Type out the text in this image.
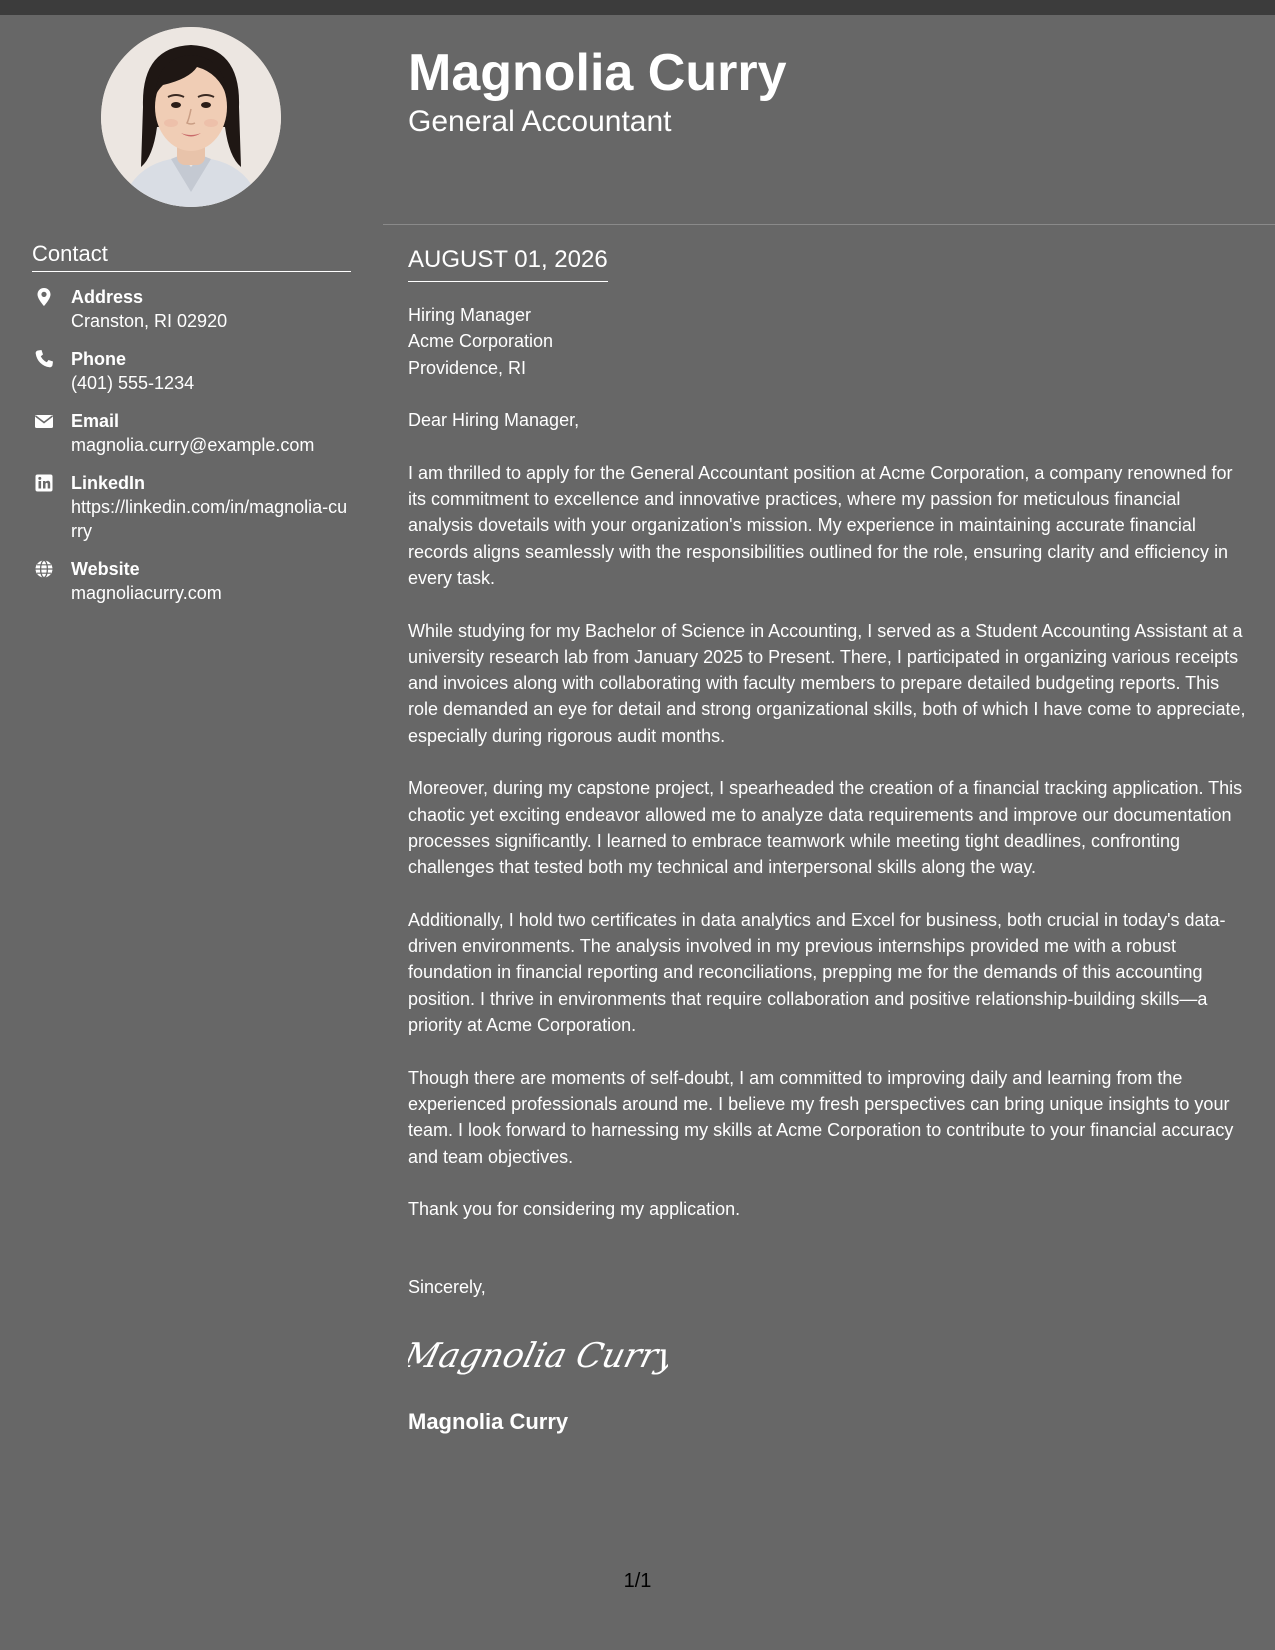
Contact
Address
Cranston, RI 02920
Phone
(401) 555-1234
Email
magnolia.curry@example.com
LinkedIn
https://linkedin.com/in/magnolia-curry
Website
magnoliacurry.com
Magnolia Curry
General Accountant
AUGUST 01, 2026

Hiring Manager

Acme Corporation

Providence, RI

Dear Hiring Manager,

I am thrilled to apply for the General Accountant position at Acme Corporation, a company renowned for its commitment to excellence and innovative practices, where my passion for meticulous financial analysis dovetails with your organization's mission. My experience in maintaining accurate financial records aligns seamlessly with the responsibilities outlined for the role, ensuring clarity and efficiency in every task.

While studying for my Bachelor of Science in Accounting, I served as a Student Accounting Assistant at a university research lab from January 2025 to Present. There, I participated in organizing various receipts and invoices along with collaborating with faculty members to prepare detailed budgeting reports. This role demanded an eye for detail and strong organizational skills, both of which I have come to appreciate, especially during rigorous audit months.

Moreover, during my capstone project, I spearheaded the creation of a financial tracking application. This chaotic yet exciting endeavor allowed me to analyze data requirements and improve our documentation processes significantly. I learned to embrace teamwork while meeting tight deadlines, confronting challenges that tested both my technical and interpersonal skills along the way.

Additionally, I hold two certificates in data analytics and Excel for business, both crucial in today's data-driven environments. The analysis involved in my previous internships provided me with a robust foundation in financial reporting and reconciliations, prepping me for the demands of this accounting position. I thrive in environments that require collaboration and positive relationship-building skills—a priority at Acme Corporation.

Though there are moments of self-doubt, I am committed to improving daily and learning from the experienced professionals around me. I believe my fresh perspectives can bring unique insights to your team. I look forward to harnessing my skills at Acme Corporation to contribute to your financial accuracy and team objectives.

Thank you for considering my application.

Sincerely,

Magnolia Curry
Magnolia Curry
1/1
